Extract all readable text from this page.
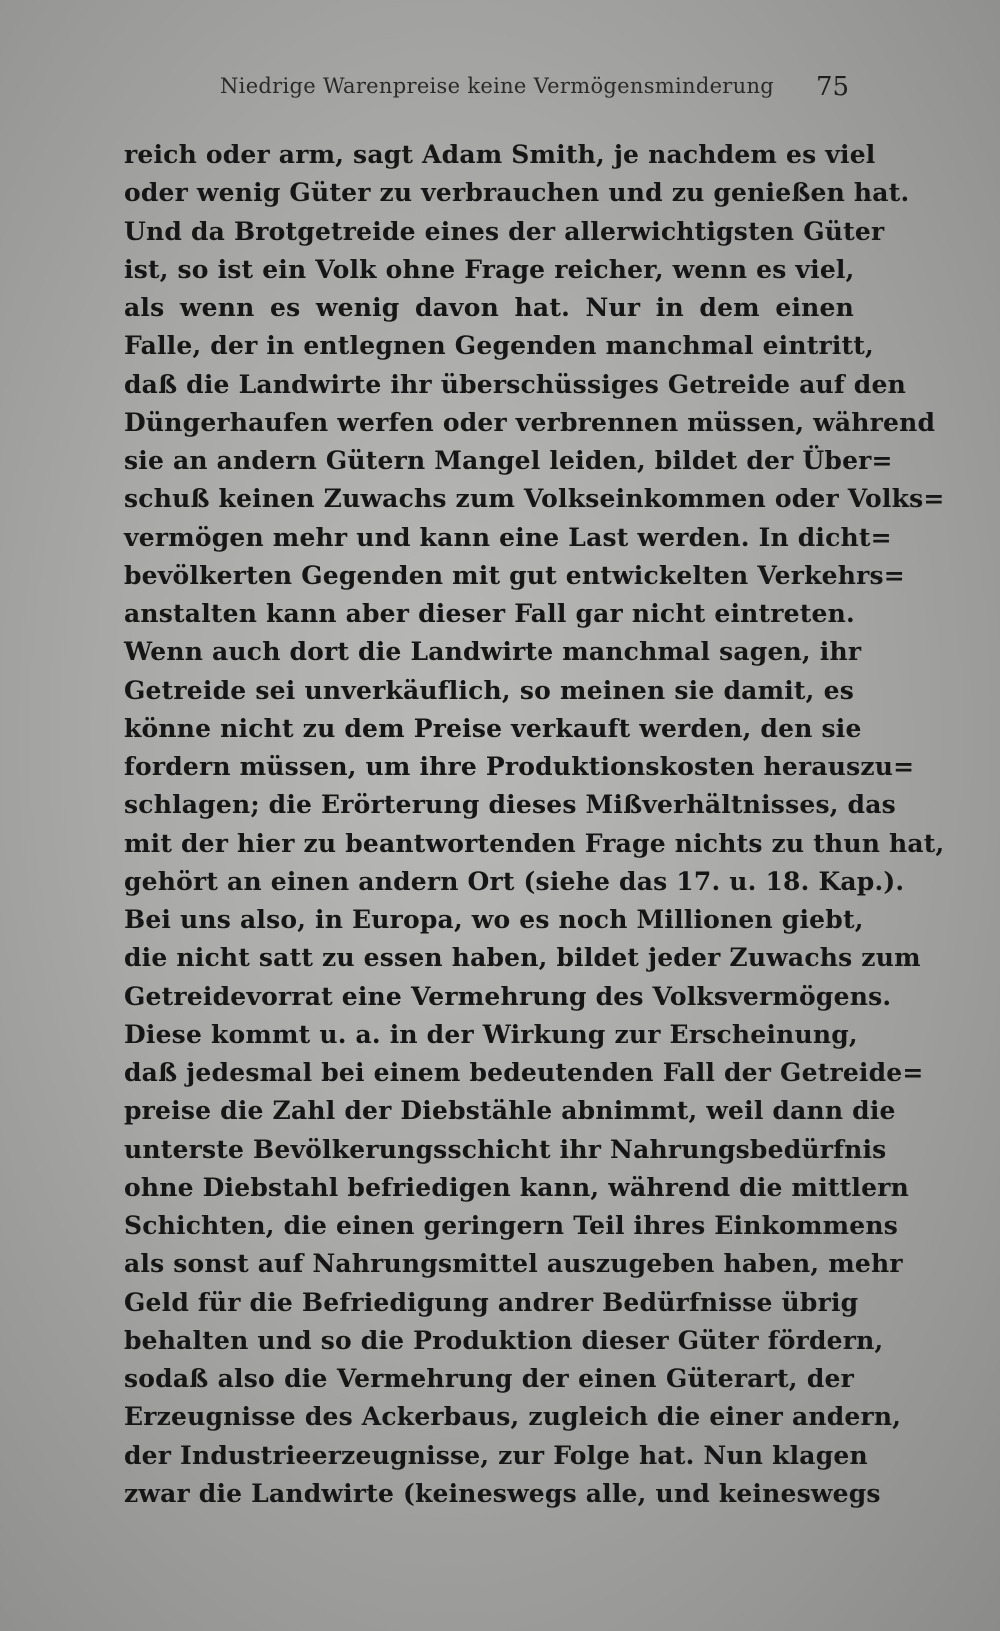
Niedrige Warenpreise keine Vermögensminderung 75
reich oder arm, sagt Adam Smith, je nachdem es viel
oder wenig Güter zu verbrauchen und zu genießen hat.
Und da Brotgetreide eines der allerwichtigsten Güter
ist, so ist ein Volk ohne Frage reicher, wenn es viel,
als wenn es wenig davon hat. Nur in dem einen
Falle, der in entlegnen Gegenden manchmal eintritt,
daß die Landwirte ihr überschüssiges Getreide auf den
Düngerhaufen werfen oder verbrennen müssen, während
sie an andern Gütern Mangel leiden, bildet der Über=
schuß keinen Zuwachs zum Volkseinkommen oder Volks=
vermögen mehr und kann eine Last werden. In dicht=
bevölkerten Gegenden mit gut entwickelten Verkehrs=
anstalten kann aber dieser Fall gar nicht eintreten.
Wenn auch dort die Landwirte manchmal sagen, ihr
Getreide sei unverkäuflich, so meinen sie damit, es
könne nicht zu dem Preise verkauft werden, den sie
fordern müssen, um ihre Produktionskosten herauszu=
schlagen; die Erörterung dieses Mißverhältnisses, das
mit der hier zu beantwortenden Frage nichts zu thun hat,
gehört an einen andern Ort (siehe das 17. u. 18. Kap.).
Bei uns also, in Europa, wo es noch Millionen giebt,
die nicht satt zu essen haben, bildet jeder Zuwachs zum
Getreidevorrat eine Vermehrung des Volksvermögens.
Diese kommt u. a. in der Wirkung zur Erscheinung,
daß jedesmal bei einem bedeutenden Fall der Getreide=
preise die Zahl der Diebstähle abnimmt, weil dann die
unterste Bevölkerungsschicht ihr Nahrungsbedürfnis
ohne Diebstahl befriedigen kann, während die mittlern
Schichten, die einen geringern Teil ihres Einkommens
als sonst auf Nahrungsmittel auszugeben haben, mehr
Geld für die Befriedigung andrer Bedürfnisse übrig
behalten und so die Produktion dieser Güter fördern,
sodaß also die Vermehrung der einen Güterart, der
Erzeugnisse des Ackerbaus, zugleich die einer andern,
der Industrieerzeugnisse, zur Folge hat. Nun klagen
zwar die Landwirte (keineswegs alle, und keineswegs
